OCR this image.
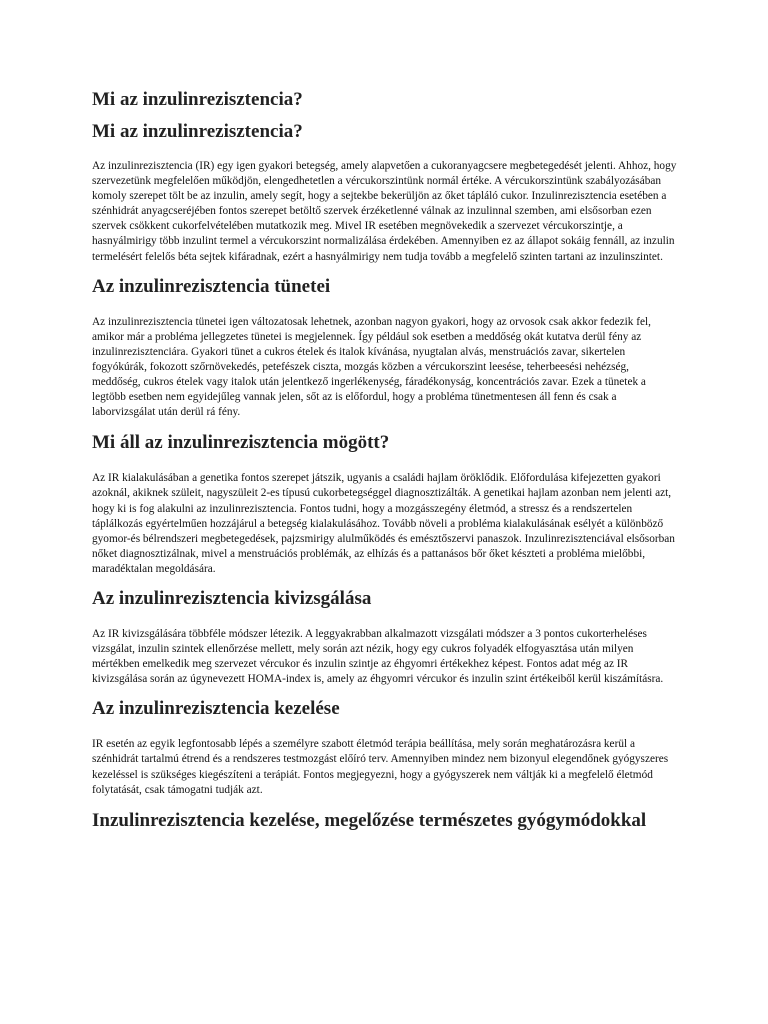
Mi az inzulinrezisztencia?
Mi az inzulinrezisztencia?

Az inzulinrezisztencia (IR) egy igen gyakori betegség, amely alapvetően a cukoranyagcsere megbetegedését jelenti. Ahhoz, hogy szervezetünk megfelelően működjön, elengedhetetlen a vércukorszintünk normál értéke. A vércukorszintünk szabályozásában komoly szerepet tölt be az inzulin, amely segít, hogy a sejtekbe bekerüljön az őket tápláló cukor. Inzulinrezisztencia esetében a szénhidrát anyagcseréjében fontos szerepet betöltő szervek érzéketlenné válnak az inzulinnal szemben, ami elsősorban ezen szervek csökkent cukorfelvételében mutatkozik meg. Mivel IR esetében megnövekedik a szervezet vércukorszintje, a hasnyálmirigy több inzulint termel a vércukorszint normalizálása érdekében. Amennyiben ez az állapot sokáig fennáll, az inzulin termelésért felelős béta sejtek kifáradnak, ezért a hasnyálmirigy nem tudja tovább a megfelelő szinten tartani az inzulinszintet.

Az inzulinrezisztencia tünetei

Az inzulinrezisztencia tünetei igen változatosak lehetnek, azonban nagyon gyakori, hogy az orvosok csak akkor fedezik fel, amikor már a probléma jellegzetes tünetei is megjelennek. Így például sok esetben a meddőség okát kutatva derül fény az inzulinrezisztenciára. Gyakori tünet a cukros ételek és italok kívánása, nyugtalan alvás, menstruációs zavar, sikertelen fogyókúrák, fokozott szőrnövekedés, petefészek ciszta, mozgás közben a vércukorszint leesése, teherbeesési nehézség, meddőség, cukros ételek vagy italok után jelentkező ingerlékenység, fáradékonyság, koncentrációs zavar. Ezek a tünetek a legtöbb esetben nem egyidejűleg vannak jelen, sőt az is előfordul, hogy a probléma tünetmentesen áll fenn és csak a laborvizsgálat után derül rá fény.

Mi áll az inzulinrezisztencia mögött?

Az IR kialakulásában a genetika fontos szerepet játszik, ugyanis a családi hajlam öröklődik. Előfordulása kifejezetten gyakori azoknál, akiknek szüleit, nagyszüleit 2-es típusú cukorbetegséggel diagnosztizálták. A genetikai hajlam azonban nem jelenti azt, hogy ki is fog alakulni az inzulinrezisztencia. Fontos tudni, hogy a mozgásszegény életmód, a stressz és a rendszertelen táplálkozás egyértelműen hozzájárul a betegség kialakulásához. Tovább növeli a probléma kialakulásának esélyét a különböző gyomor-és bélrendszeri megbetegedések, pajzsmirigy alulműködés és emésztőszervi panaszok. Inzulinrezisztenciával elsősorban nőket diagnosztizálnak, mivel a menstruációs problémák, az elhízás és a pattanásos bőr őket készteti a probléma mielőbbi, maradéktalan megoldására.

Az inzulinrezisztencia kivizsgálása

Az IR kivizsgálására többféle módszer létezik. A leggyakrabban alkalmazott vizsgálati módszer a 3 pontos cukorterheléses vizsgálat, inzulin szintek ellenőrzése mellett, mely során azt nézik, hogy egy cukros folyadék elfogyasztása után milyen mértékben emelkedik meg szervezet vércukor és inzulin szintje az éhgyomri értékekhez képest. Fontos adat még az IR kivizsgálása során az úgynevezett HOMA-index is, amely az éhgyomri vércukor és inzulin szint értékeiből kerül kiszámításra.

Az inzulinrezisztencia kezelése

IR esetén az egyik legfontosabb lépés a személyre szabott életmód terápia beállítása, mely során meghatározásra kerül a szénhidrát tartalmú étrend és a rendszeres testmozgást előíró terv. Amennyiben mindez nem bizonyul elegendőnek gyógyszeres kezeléssel is szükséges kiegészíteni a terápiát. Fontos megjegyezni, hogy a gyógyszerek nem váltják ki a megfelelő életmód folytatását, csak támogatni tudják azt.

Inzulinrezisztencia kezelése, megelőzése természetes gyógymódokkal
